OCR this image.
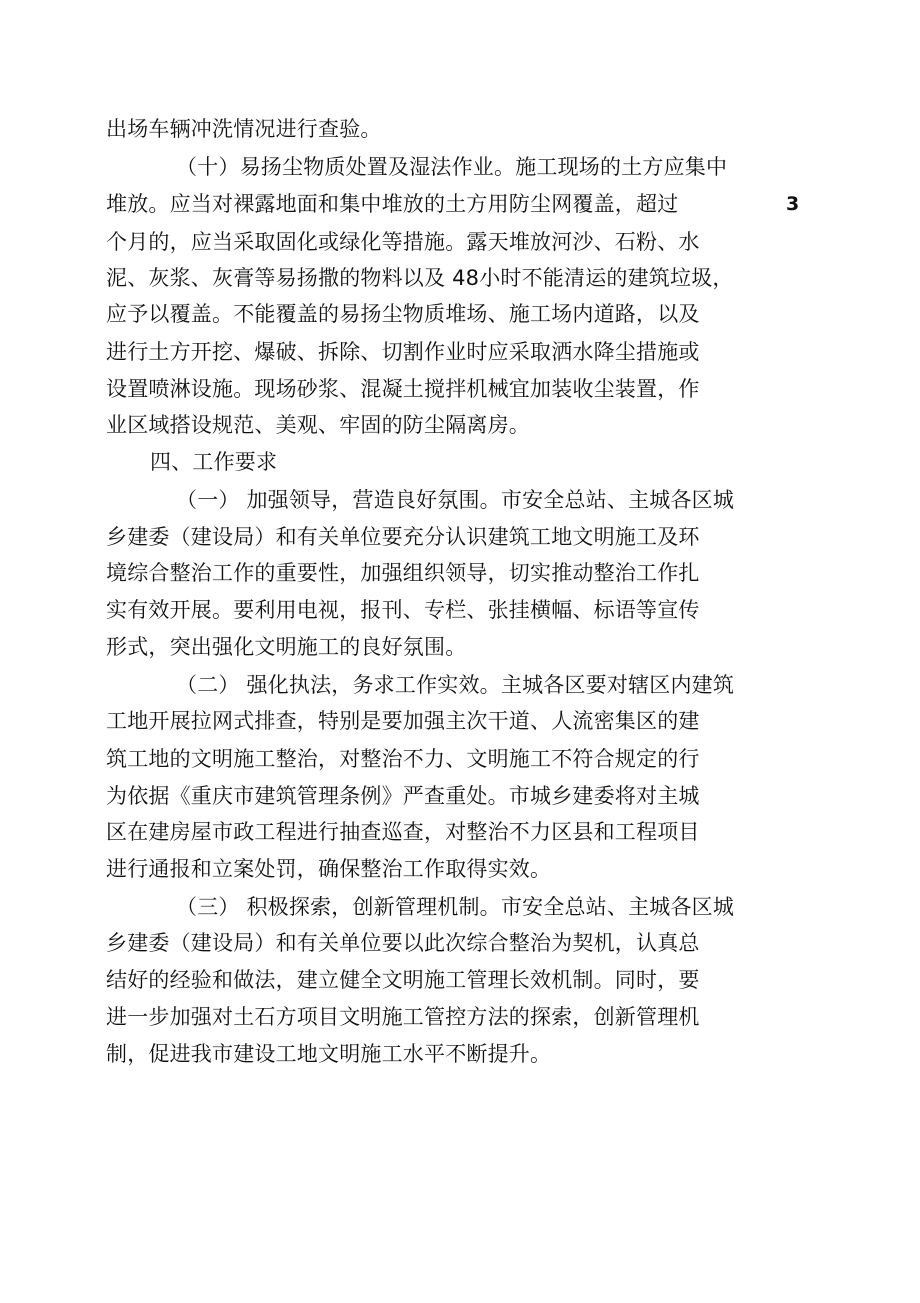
出场车辆冲洗情况进行查验。
（十）易扬尘物质处置及湿法作业。施工现场的土方应集中
堆放。应当对裸露地面和集中堆放的土方用防尘网覆盖，超过	3
个月的，应当采取固化或绿化等措施。露天堆放河沙、石粉、水
泥、灰浆、灰膏等易扬撒的物料以及 48小时不能清运的建筑垃圾，
应予以覆盖。不能覆盖的易扬尘物质堆场、施工场内道路，以及
进行土方开挖、爆破、拆除、切割作业时应采取洒水降尘措施或
设置喷淋设施。现场砂浆、混凝土搅拌机械宜加装收尘装置，作
业区域搭设规范、美观、牢固的防尘隔离房。
四、工作要求
（一） 加强领导，营造良好氛围。市安全总站、主城各区城
乡建委（建设局）和有关单位要充分认识建筑工地文明施工及环
境综合整治工作的重要性，加强组织领导，切实推动整治工作扎
实有效开展。要利用电视，报刊、专栏、张挂横幅、标语等宣传
形式，突出强化文明施工的良好氛围。
（二） 强化执法，务求工作实效。主城各区要对辖区内建筑
工地开展拉网式排查，特别是要加强主次干道、人流密集区的建
筑工地的文明施工整治，对整治不力、文明施工不符合规定的行
为依据《重庆市建筑管理条例》严查重处。市城乡建委将对主城
区在建房屋市政工程进行抽查巡查，对整治不力区县和工程项目
进行通报和立案处罚，确保整治工作取得实效。
（三） 积极探索，创新管理机制。市安全总站、主城各区城
乡建委（建设局）和有关单位要以此次综合整治为契机，认真总
结好的经验和做法，建立健全文明施工管理长效机制。同时，要
进一步加强对土石方项目文明施工管控方法的探索，创新管理机
制，促进我市建设工地文明施工水平不断提升。
